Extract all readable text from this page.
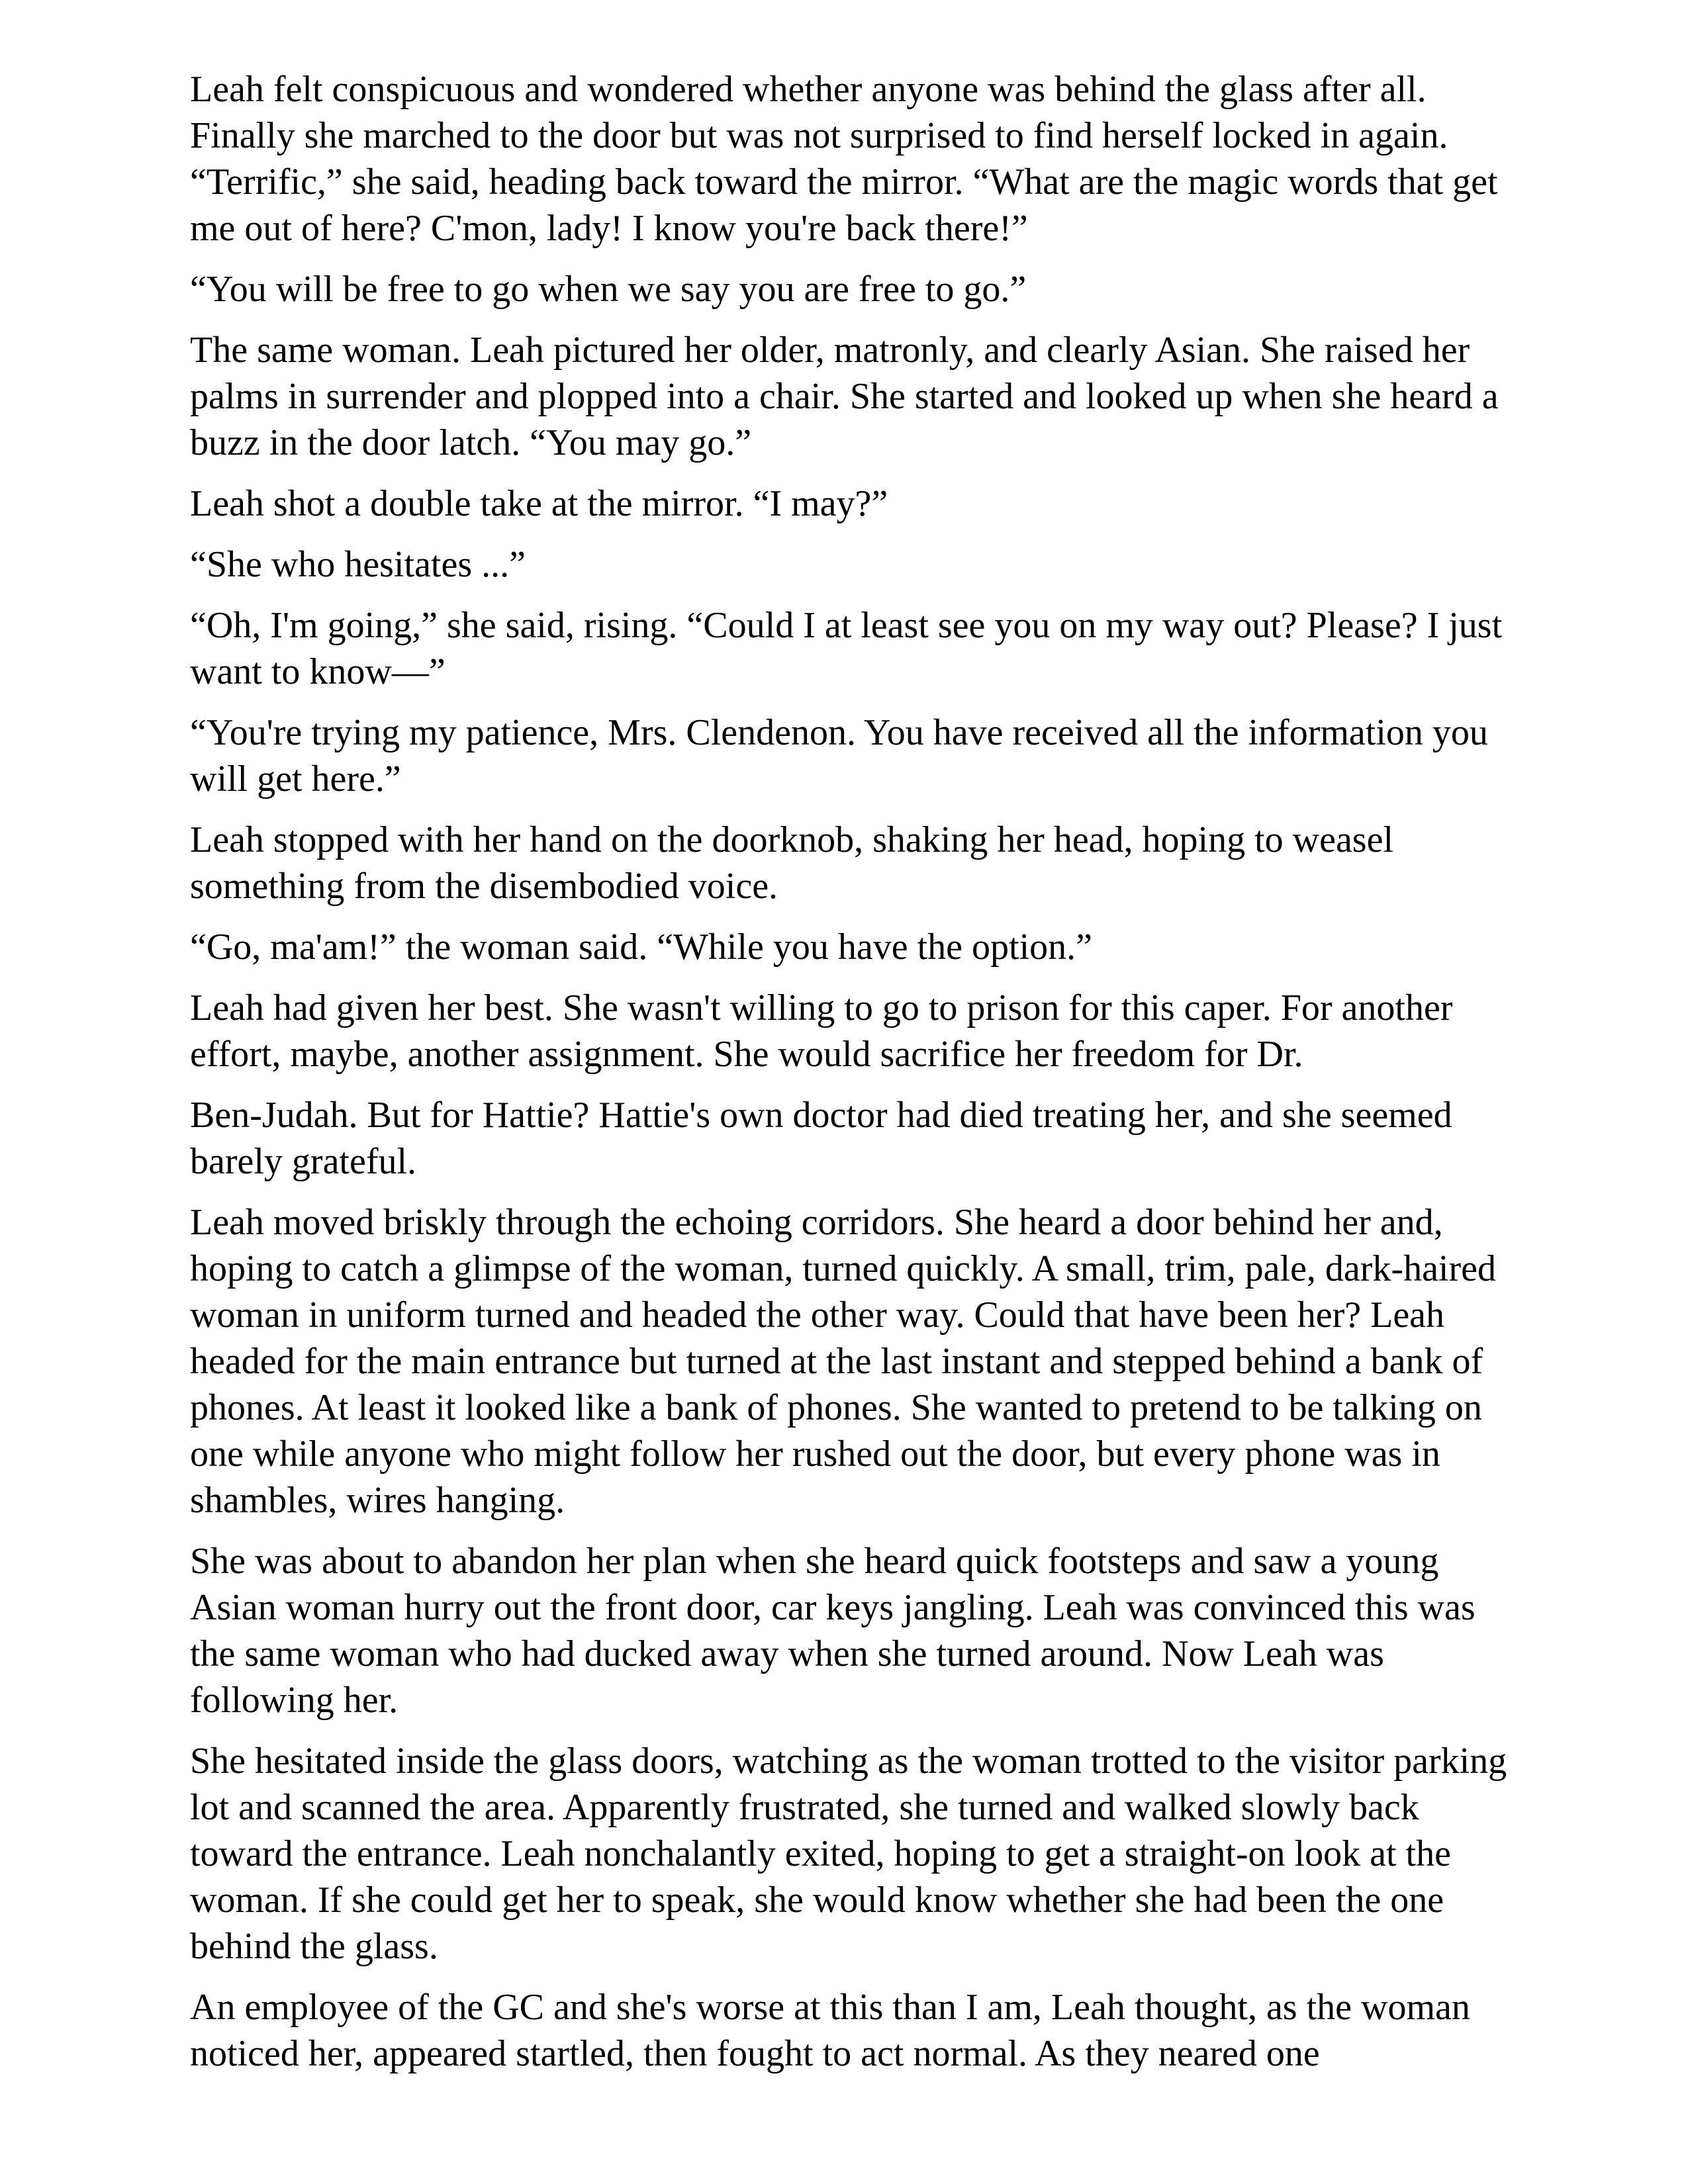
Leah felt conspicuous and wondered whether anyone was behind the glass after all. Finally she marched to the door but was not surprised to find herself locked in again. “Terrific,” she said, heading back toward the mirror. “What are the magic words that get me out of here? C'mon, lady! I know you're back there!”

“You will be free to go when we say you are free to go.”

The same woman. Leah pictured her older, matronly, and clearly Asian. She raised her palms in surrender and plopped into a chair. She started and looked up when she heard a buzz in the door latch. “You may go.”

Leah shot a double take at the mirror. “I may?”

“She who hesitates ...”

“Oh, I'm going,” she said, rising. “Could I at least see you on my way out? Please? I just want to know—”

“You're trying my patience, Mrs. Clendenon. You have received all the information you will get here.”

Leah stopped with her hand on the doorknob, shaking her head, hoping to weasel something from the disembodied voice.

“Go, ma'am!” the woman said. “While you have the option.”

Leah had given her best. She wasn't willing to go to prison for this caper. For another effort, maybe, another assignment. She would sacrifice her freedom for Dr.

Ben-Judah. But for Hattie? Hattie's own doctor had died treating her, and she seemed barely grateful.

Leah moved briskly through the echoing corridors. She heard a door behind her and, hoping to catch a glimpse of the woman, turned quickly. A small, trim, pale, dark-haired woman in uniform turned and headed the other way. Could that have been her? Leah headed for the main entrance but turned at the last instant and stepped behind a bank of phones. At least it looked like a bank of phones. She wanted to pretend to be talking on one while anyone who might follow her rushed out the door, but every phone was in shambles, wires hanging.

She was about to abandon her plan when she heard quick footsteps and saw a young Asian woman hurry out the front door, car keys jangling. Leah was convinced this was the same woman who had ducked away when she turned around. Now Leah was following her.

She hesitated inside the glass doors, watching as the woman trotted to the visitor parking lot and scanned the area. Apparently frustrated, she turned and walked slowly back toward the entrance. Leah nonchalantly exited, hoping to get a straight-on look at the woman. If she could get her to speak, she would know whether she had been the one behind the glass.

An employee of the GC and she's worse at this than I am, Leah thought, as the woman noticed her, appeared startled, then fought to act normal. As they neared one
